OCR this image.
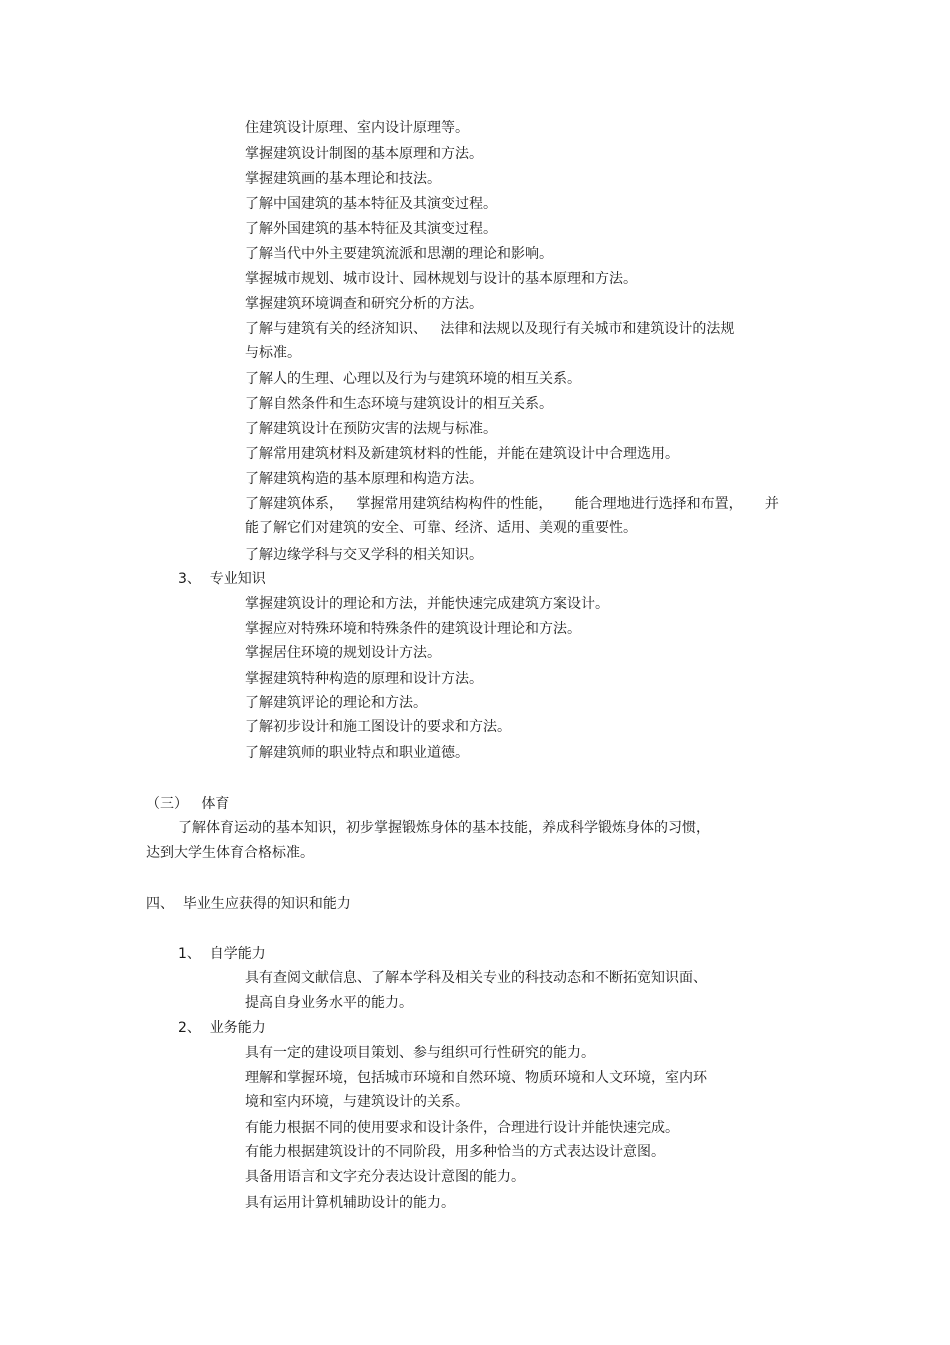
住建筑设计原理、室内设计原理等。

掌握建筑设计制图的基本原理和方法。

掌握建筑画的基本理论和技法。

了解中国建筑的基本特征及其演变过程。

了解外国建筑的基本特征及其演变过程。

了解当代中外主要建筑流派和思潮的理论和影响。

掌握城市规划、城市设计、园林规划与设计的基本原理和方法。

掌握建筑环境调查和研究分析的方法。

了解与建筑有关的经济知识、   法律和法规以及现行有关城市和建筑设计的法规

与标准。

了解人的生理、心理以及行为与建筑环境的相互关系。

了解自然条件和生态环境与建筑设计的相互关系。

了解建筑设计在预防灾害的法规与标准。

了解常用建筑材料及新建筑材料的性能，并能在建筑设计中合理选用。

了解建筑构造的基本原理和构造方法。

了解建筑体系，   掌握常用建筑结构构件的性能，     能合理地进行选择和布置，     并

能了解它们对建筑的安全、可靠、经济、适用、美观的重要性。

了解边缘学科与交叉学科的相关知识。

3、  专业知识

掌握建筑设计的理论和方法，并能快速完成建筑方案设计。

掌握应对特殊环境和特殊条件的建筑设计理论和方法。

掌握居住环境的规划设计方法。

掌握建筑特种构造的原理和设计方法。

了解建筑评论的理论和方法。

了解初步设计和施工图设计的要求和方法。

了解建筑师的职业特点和职业道德。

（三）   体育

了解体育运动的基本知识，初步掌握锻炼身体的基本技能，养成科学锻炼身体的习惯，

达到大学生体育合格标准。

四、  毕业生应获得的知识和能力

1、  自学能力

具有查阅文献信息、了解本学科及相关专业的科技动态和不断拓宽知识面、

提高自身业务水平的能力。

2、  业务能力

具有一定的建设项目策划、参与组织可行性研究的能力。

理解和掌握环境，包括城市环境和自然环境、物质环境和人文环境，室内环

境和室内环境，与建筑设计的关系。

有能力根据不同的使用要求和设计条件，合理进行设计并能快速完成。

有能力根据建筑设计的不同阶段，用多种恰当的方式表达设计意图。

具备用语言和文字充分表达设计意图的能力。

具有运用计算机辅助设计的能力。
